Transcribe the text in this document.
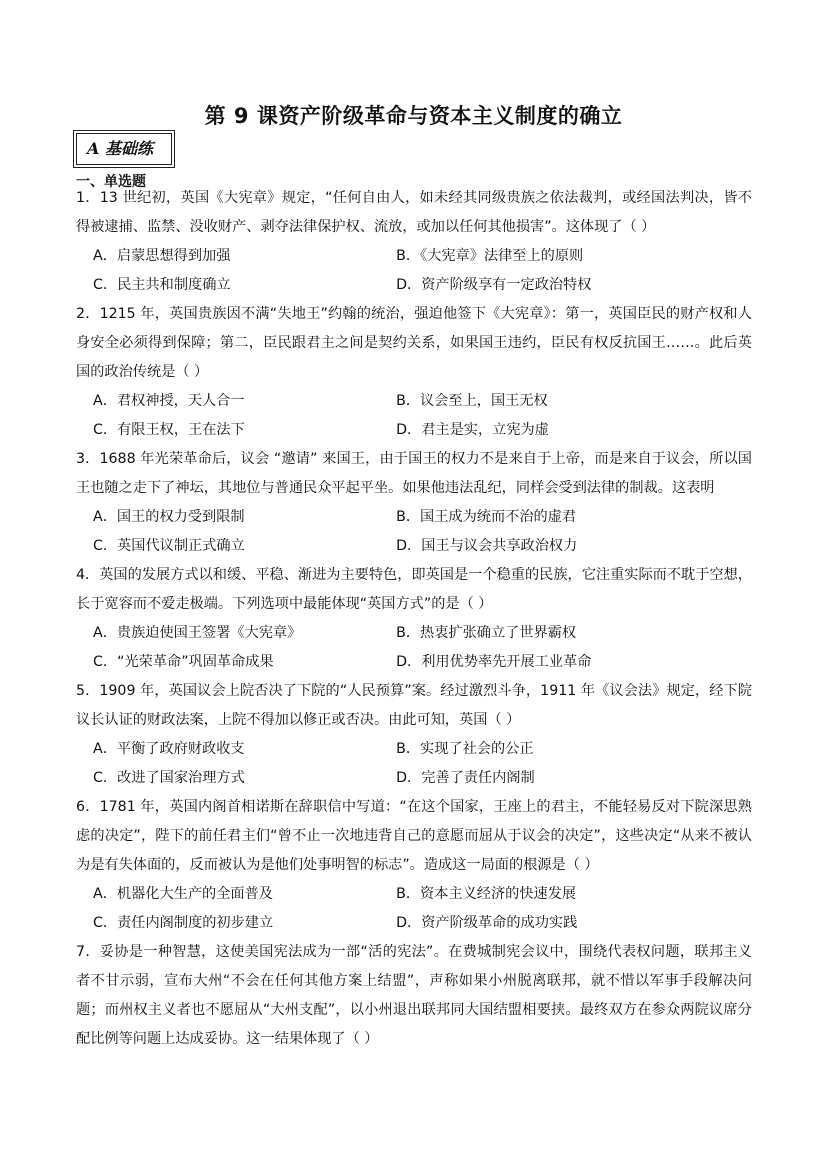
第 9 课资产阶级革命与资本主义制度的确立
A 基础练
一、单选题

1．13 世纪初，英国《大宪章》规定，“任何自由人，如未经其同级贵族之依法裁判，或经国法判决，皆不得被逮捕、监禁、没收财产、剥夺法律保护权、流放，或加以任何其他损害”。这体现了（ ）

A．启蒙思想得到加强	B．《大宪章》法律至上的原则

C．民主共和制度确立	D．资产阶级享有一定政治特权

2．1215 年，英国贵族因不满“失地王”约翰的统治，强迫他签下《大宪章》：第一，英国臣民的财产权和人身安全必须得到保障；第二，臣民跟君主之间是契约关系，如果国王违约，臣民有权反抗国王……。此后英国的政治传统是（ ）

A．君权神授，天人合一	B．议会至上，国王无权

C．有限王权，王在法下	D．君主是实，立宪为虚

3．1688 年光荣革命后，议会 “邀请” 来国王，由于国王的权力不是来自于上帝，而是来自于议会，所以国王也随之走下了神坛，其地位与普通民众平起平坐。如果他违法乱纪，同样会受到法律的制裁。这表明

A．国王的权力受到限制	B．国王成为统而不治的虚君

C．英国代议制正式确立	D．国王与议会共享政治权力

4．英国的发展方式以和缓、平稳、渐进为主要特色，即英国是一个稳重的民族，它注重实际而不耽于空想，长于宽容而不爱走极端。下列选项中最能体现“英国方式”的是（ ）

A．贵族迫使国王签署《大宪章》	B．热衷扩张确立了世界霸权

C．“光荣革命”巩固革命成果	D．利用优势率先开展工业革命

5．1909 年，英国议会上院否决了下院的“人民预算”案。经过激烈斗争，1911 年《议会法》规定，经下院议长认证的财政法案，上院不得加以修正或否决。由此可知，英国（ ）

A．平衡了政府财政收支	B．实现了社会的公正

C．改进了国家治理方式	D．完善了责任内阁制

6．1781 年，英国内阁首相诺斯在辞职信中写道：“在这个国家，王座上的君主，不能轻易反对下院深思熟虑的决定”，陛下的前任君主们“曾不止一次地违背自己的意愿而屈从于议会的决定”，这些决定“从来不被认为是有失体面的，反而被认为是他们处事明智的标志”。造成这一局面的根源是（ ）

A．机器化大生产的全面普及	B．资本主义经济的快速发展

C．责任内阁制度的初步建立	D．资产阶级革命的成功实践

7．妥协是一种智慧，这使美国宪法成为一部“活的宪法”。在费城制宪会议中，围绕代表权问题，联邦主义者不甘示弱，宣布大州“不会在任何其他方案上结盟”，声称如果小州脱离联邦，就不惜以军事手段解决问题；而州权主义者也不愿屈从“大州支配”，以小州退出联邦同大国结盟相要挟。最终双方在参众两院议席分配比例等问题上达成妥协。这一结果体现了（ ）
